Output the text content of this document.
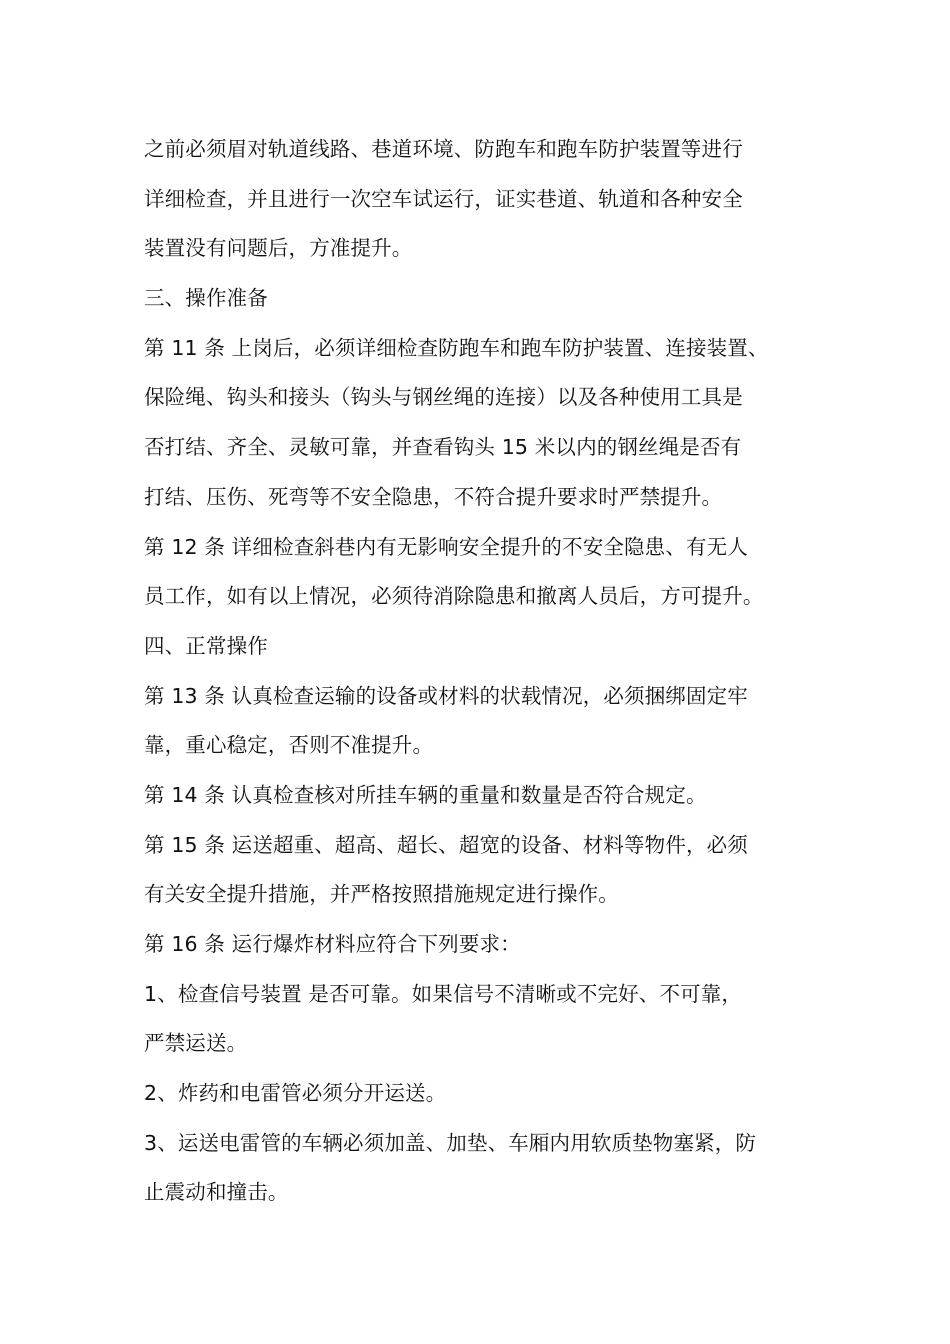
之前必须眉对轨道线路、巷道环境、防跑车和跑车防护装置等进行
详细检查，并且进行一次空车试运行，证实巷道、轨道和各种安全
装置没有问题后，方准提升。
三、操作准备
第 11 条 上岗后，必须详细检查防跑车和跑车防护装置、连接装置、
保险绳、钩头和接头（钩头与钢丝绳的连接）以及各种使用工具是
否打结、齐全、灵敏可靠，并查看钩头 15 米以内的钢丝绳是否有
打结、压伤、死弯等不安全隐患，不符合提升要求时严禁提升。
第 12 条 详细检查斜巷内有无影响安全提升的不安全隐患、有无人
员工作，如有以上情况，必须待消除隐患和撤离人员后，方可提升。
四、正常操作
第 13 条 认真检查运输的设备或材料的状载情况，必须捆绑固定牢
靠，重心稳定，否则不准提升。
第 14 条 认真检查核对所挂车辆的重量和数量是否符合规定。
第 15 条 运送超重、超高、超长、超宽的设备、材料等物件，必须
有关安全提升措施，并严格按照措施规定进行操作。
第 16 条 运行爆炸材料应符合下列要求：
1、检查信号装置 是否可靠。如果信号不清晰或不完好、不可靠，
严禁运送。
2、炸药和电雷管必须分开运送。
3、运送电雷管的车辆必须加盖、加垫、车厢内用软质垫物塞紧，防
止震动和撞击。
